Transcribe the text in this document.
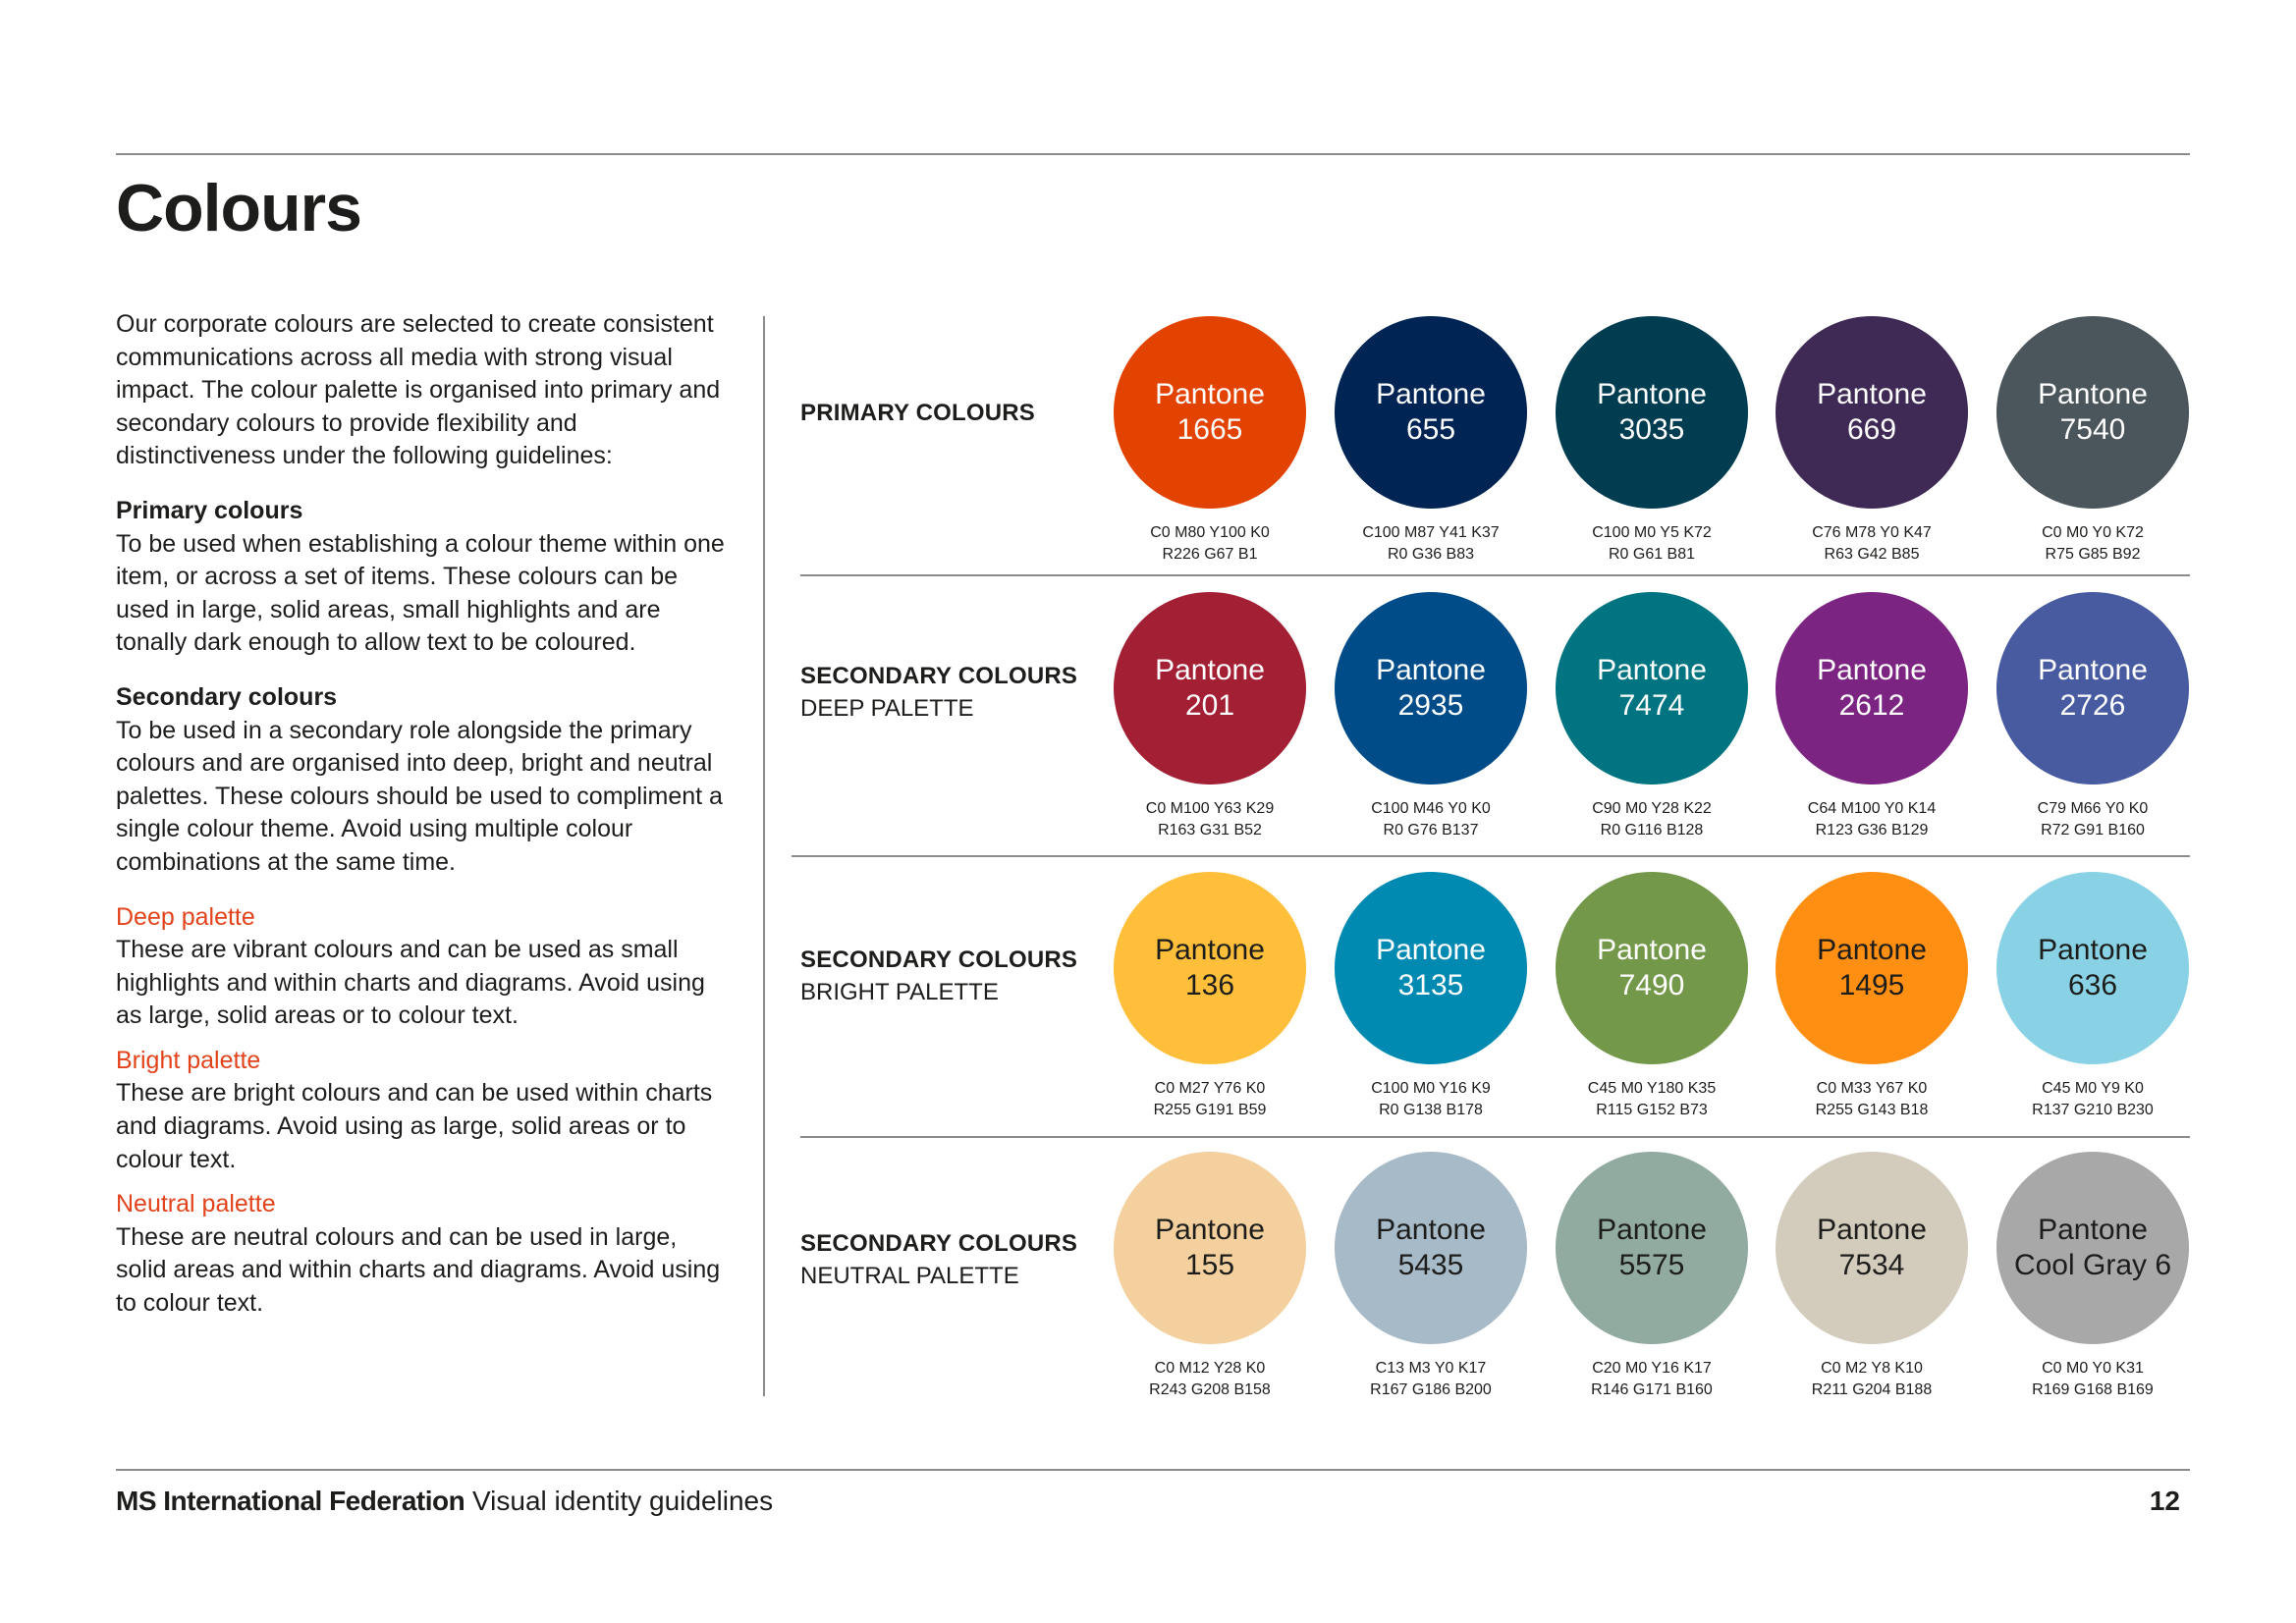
Colours

Our corporate colours are selected to create consistent communications across all media with strong visual impact. The colour palette is organised into primary and secondary colours to provide flexibility and distinctiveness under the following guidelines:

Primary colours
To be used when establishing a colour theme within one item, or across a set of items. These colours can be used in large, solid areas, small highlights and are tonally dark enough to allow text to be coloured.

Secondary colours
To be used in a secondary role alongside the primary colours and are organised into deep, bright and neutral palettes. These colours should be used to compliment a single colour theme. Avoid using multiple colour combinations at the same time.

Deep palette
These are vibrant colours and can be used as small highlights and within charts and diagrams. Avoid using as large, solid areas or to colour text.

Bright palette
These are bright colours and can be used within charts and diagrams. Avoid using as large, solid areas or to colour text.

Neutral palette
These are neutral colours and can be used in large, solid areas and within charts and diagrams. Avoid using to colour text.

PRIMARY COLOURS
SECONDARY COLOURS
DEEP PALETTE
SECONDARY COLOURS
BRIGHT PALETTE
SECONDARY COLOURS
NEUTRAL PALETTE
Pantone
1665
C0 M80 Y100 K0
R226 G67 B1
Pantone
655
C100 M87 Y41 K37
R0 G36 B83
Pantone
3035
C100 M0 Y5 K72
R0 G61 B81
Pantone
669
C76 M78 Y0 K47
R63 G42 B85
Pantone
7540
C0 M0 Y0 K72
R75 G85 B92
Pantone
201
C0 M100 Y63 K29
R163 G31 B52
Pantone
2935
C100 M46 Y0 K0
R0 G76 B137
Pantone
7474
C90 M0 Y28 K22
R0 G116 B128
Pantone
2612
C64 M100 Y0 K14
R123 G36 B129
Pantone
2726
C79 M66 Y0 K0
R72 G91 B160
Pantone
136
C0 M27 Y76 K0
R255 G191 B59
Pantone
3135
C100 M0 Y16 K9
R0 G138 B178
Pantone
7490
C45 M0 Y180 K35
R115 G152 B73
Pantone
1495
C0 M33 Y67 K0
R255 G143 B18
Pantone
636
C45 M0 Y9 K0
R137 G210 B230
Pantone
155
C0 M12 Y28 K0
R243 G208 B158
Pantone
5435
C13 M3 Y0 K17
R167 G186 B200
Pantone
5575
C20 M0 Y16 K17
R146 G171 B160
Pantone
7534
C0 M2 Y8 K10
R211 G204 B188
Pantone
Cool Gray 6
C0 M0 Y0 K31
R169 G168 B169
MS International Federation Visual identity guidelines	12
